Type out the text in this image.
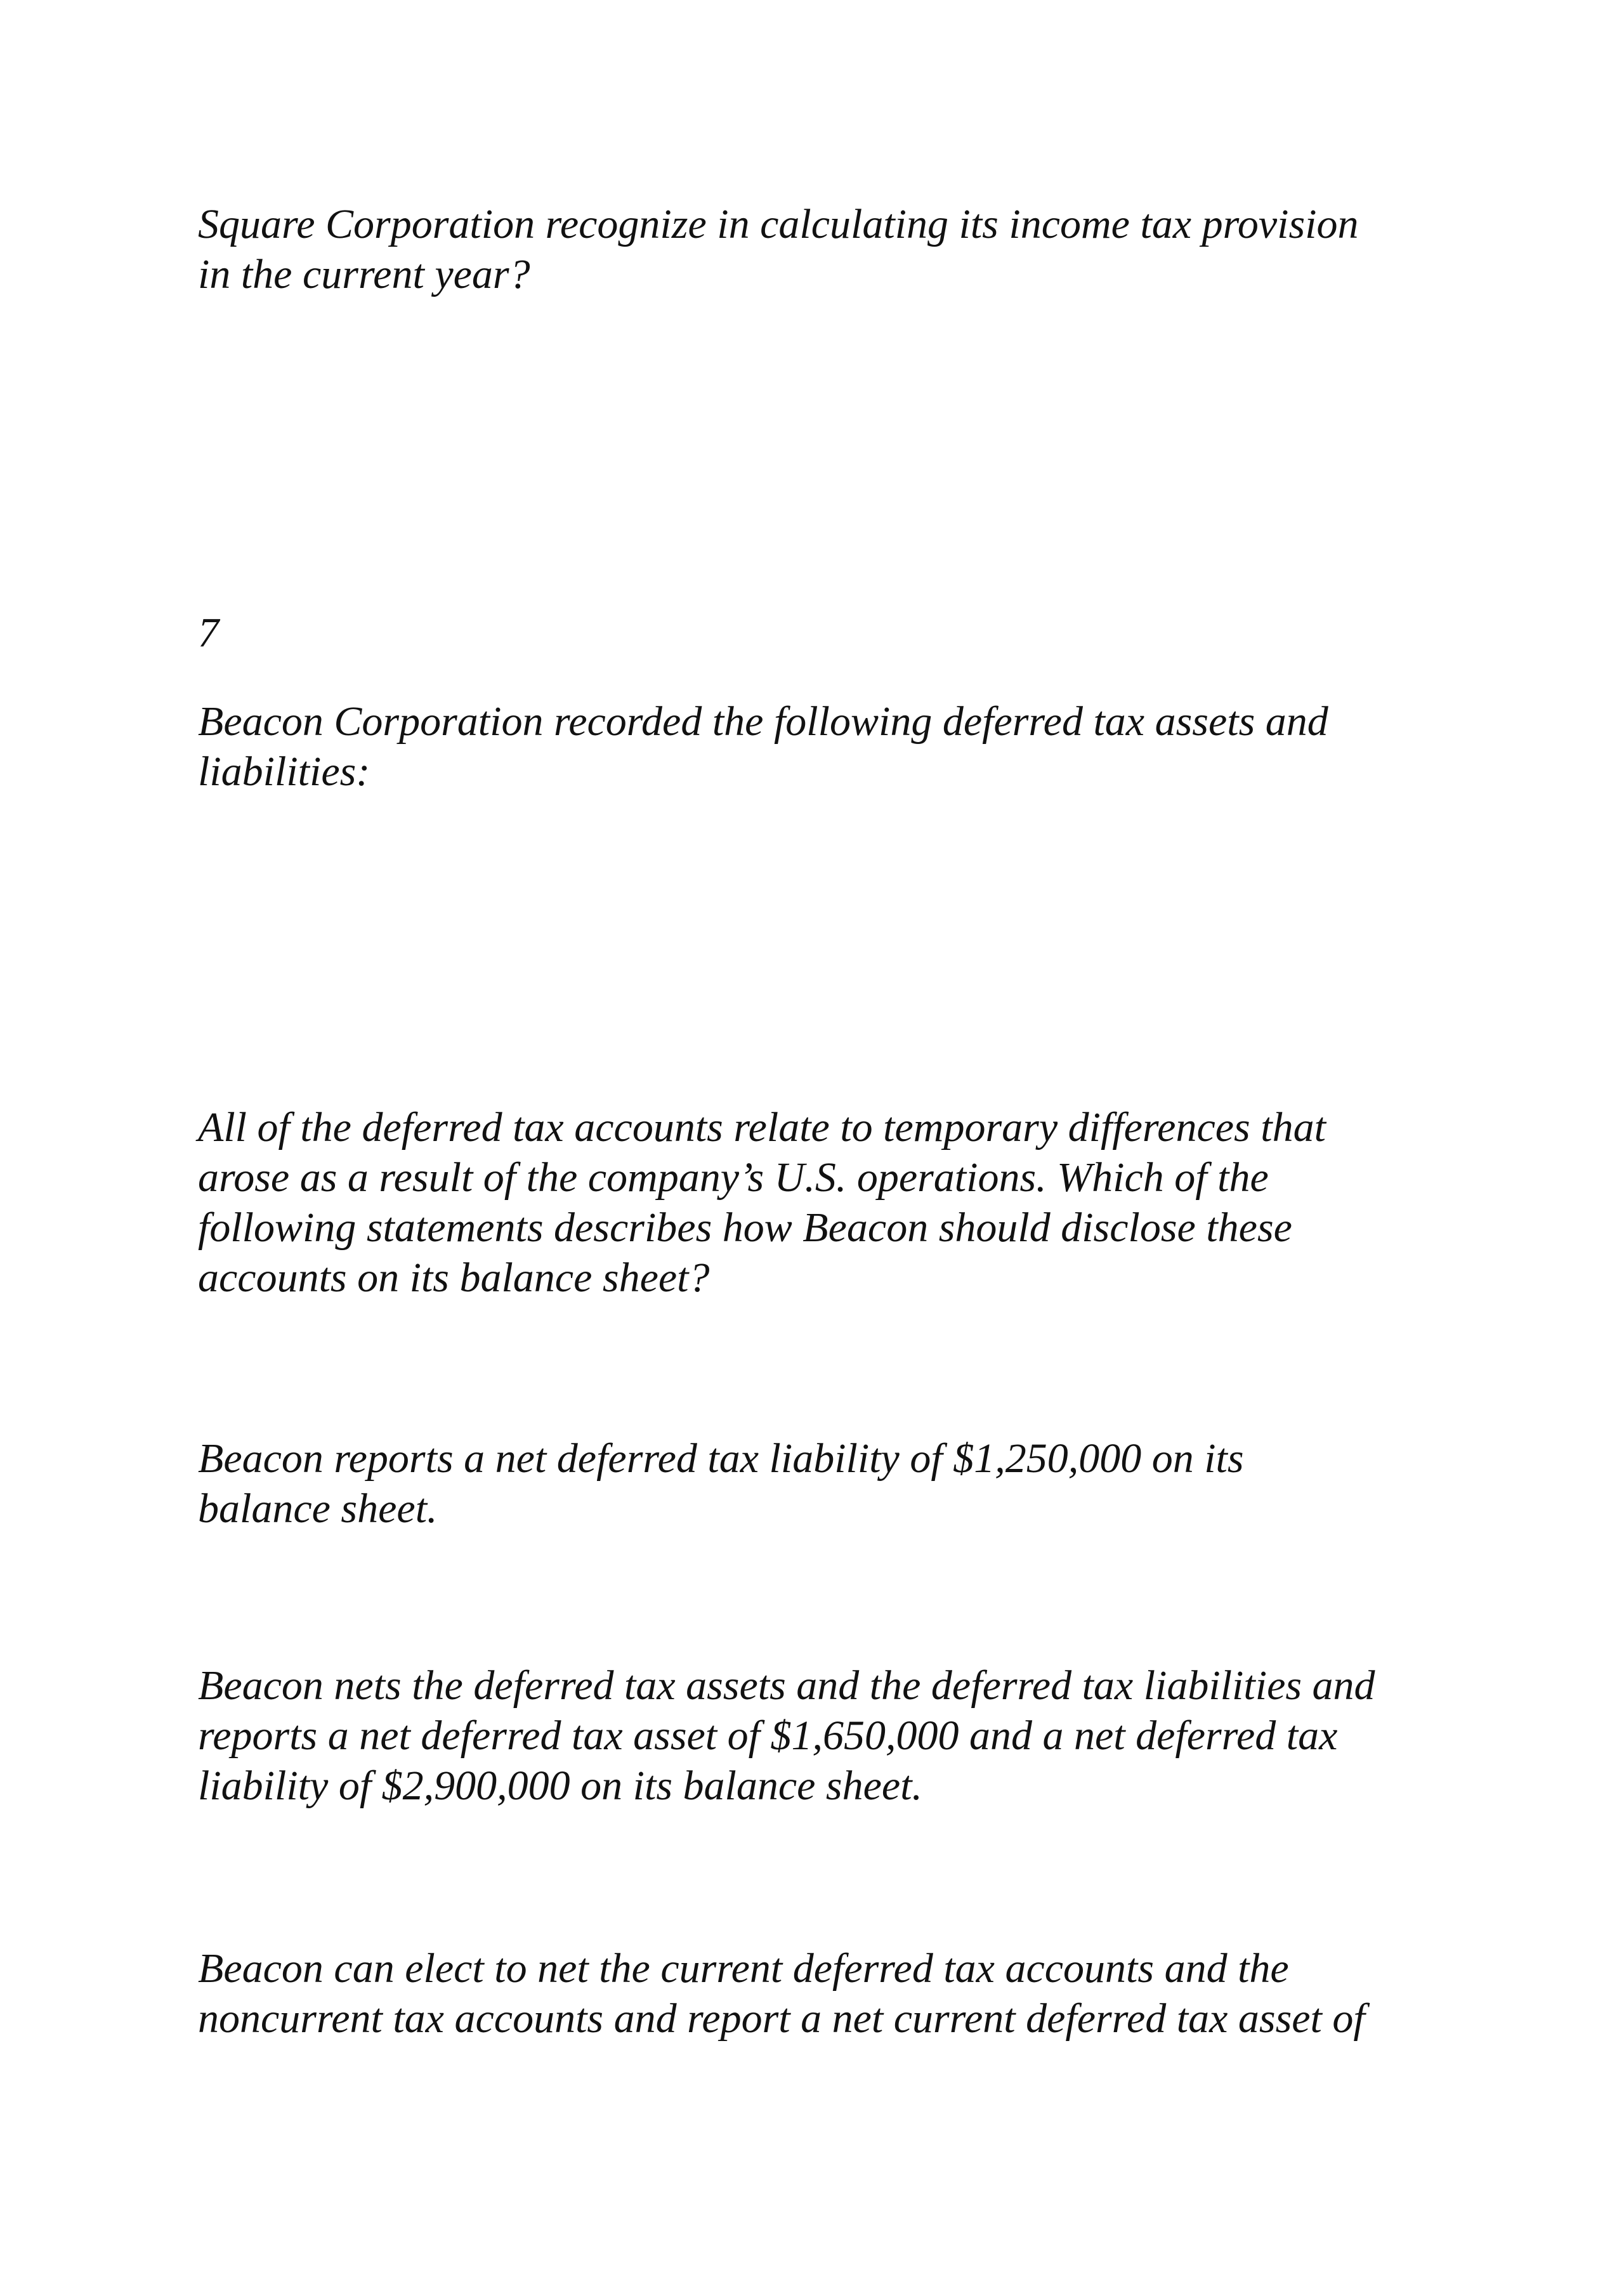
Square Corporation recognize in calculating its income tax provision
in the current year?

7

Beacon Corporation recorded the following deferred tax assets and
liabilities:

All of the deferred tax accounts relate to temporary differences that
arose as a result of the company’s U.S. operations. Which of the
following statements describes how Beacon should disclose these
accounts on its balance sheet?

Beacon reports a net deferred tax liability of $1,250,000 on its
balance sheet.

Beacon nets the deferred tax assets and the deferred tax liabilities and
reports a net deferred tax asset of $1,650,000 and a net deferred tax
liability of $2,900,000 on its balance sheet.

Beacon can elect to net the current deferred tax accounts and the
noncurrent tax accounts and report a net current deferred tax asset of
